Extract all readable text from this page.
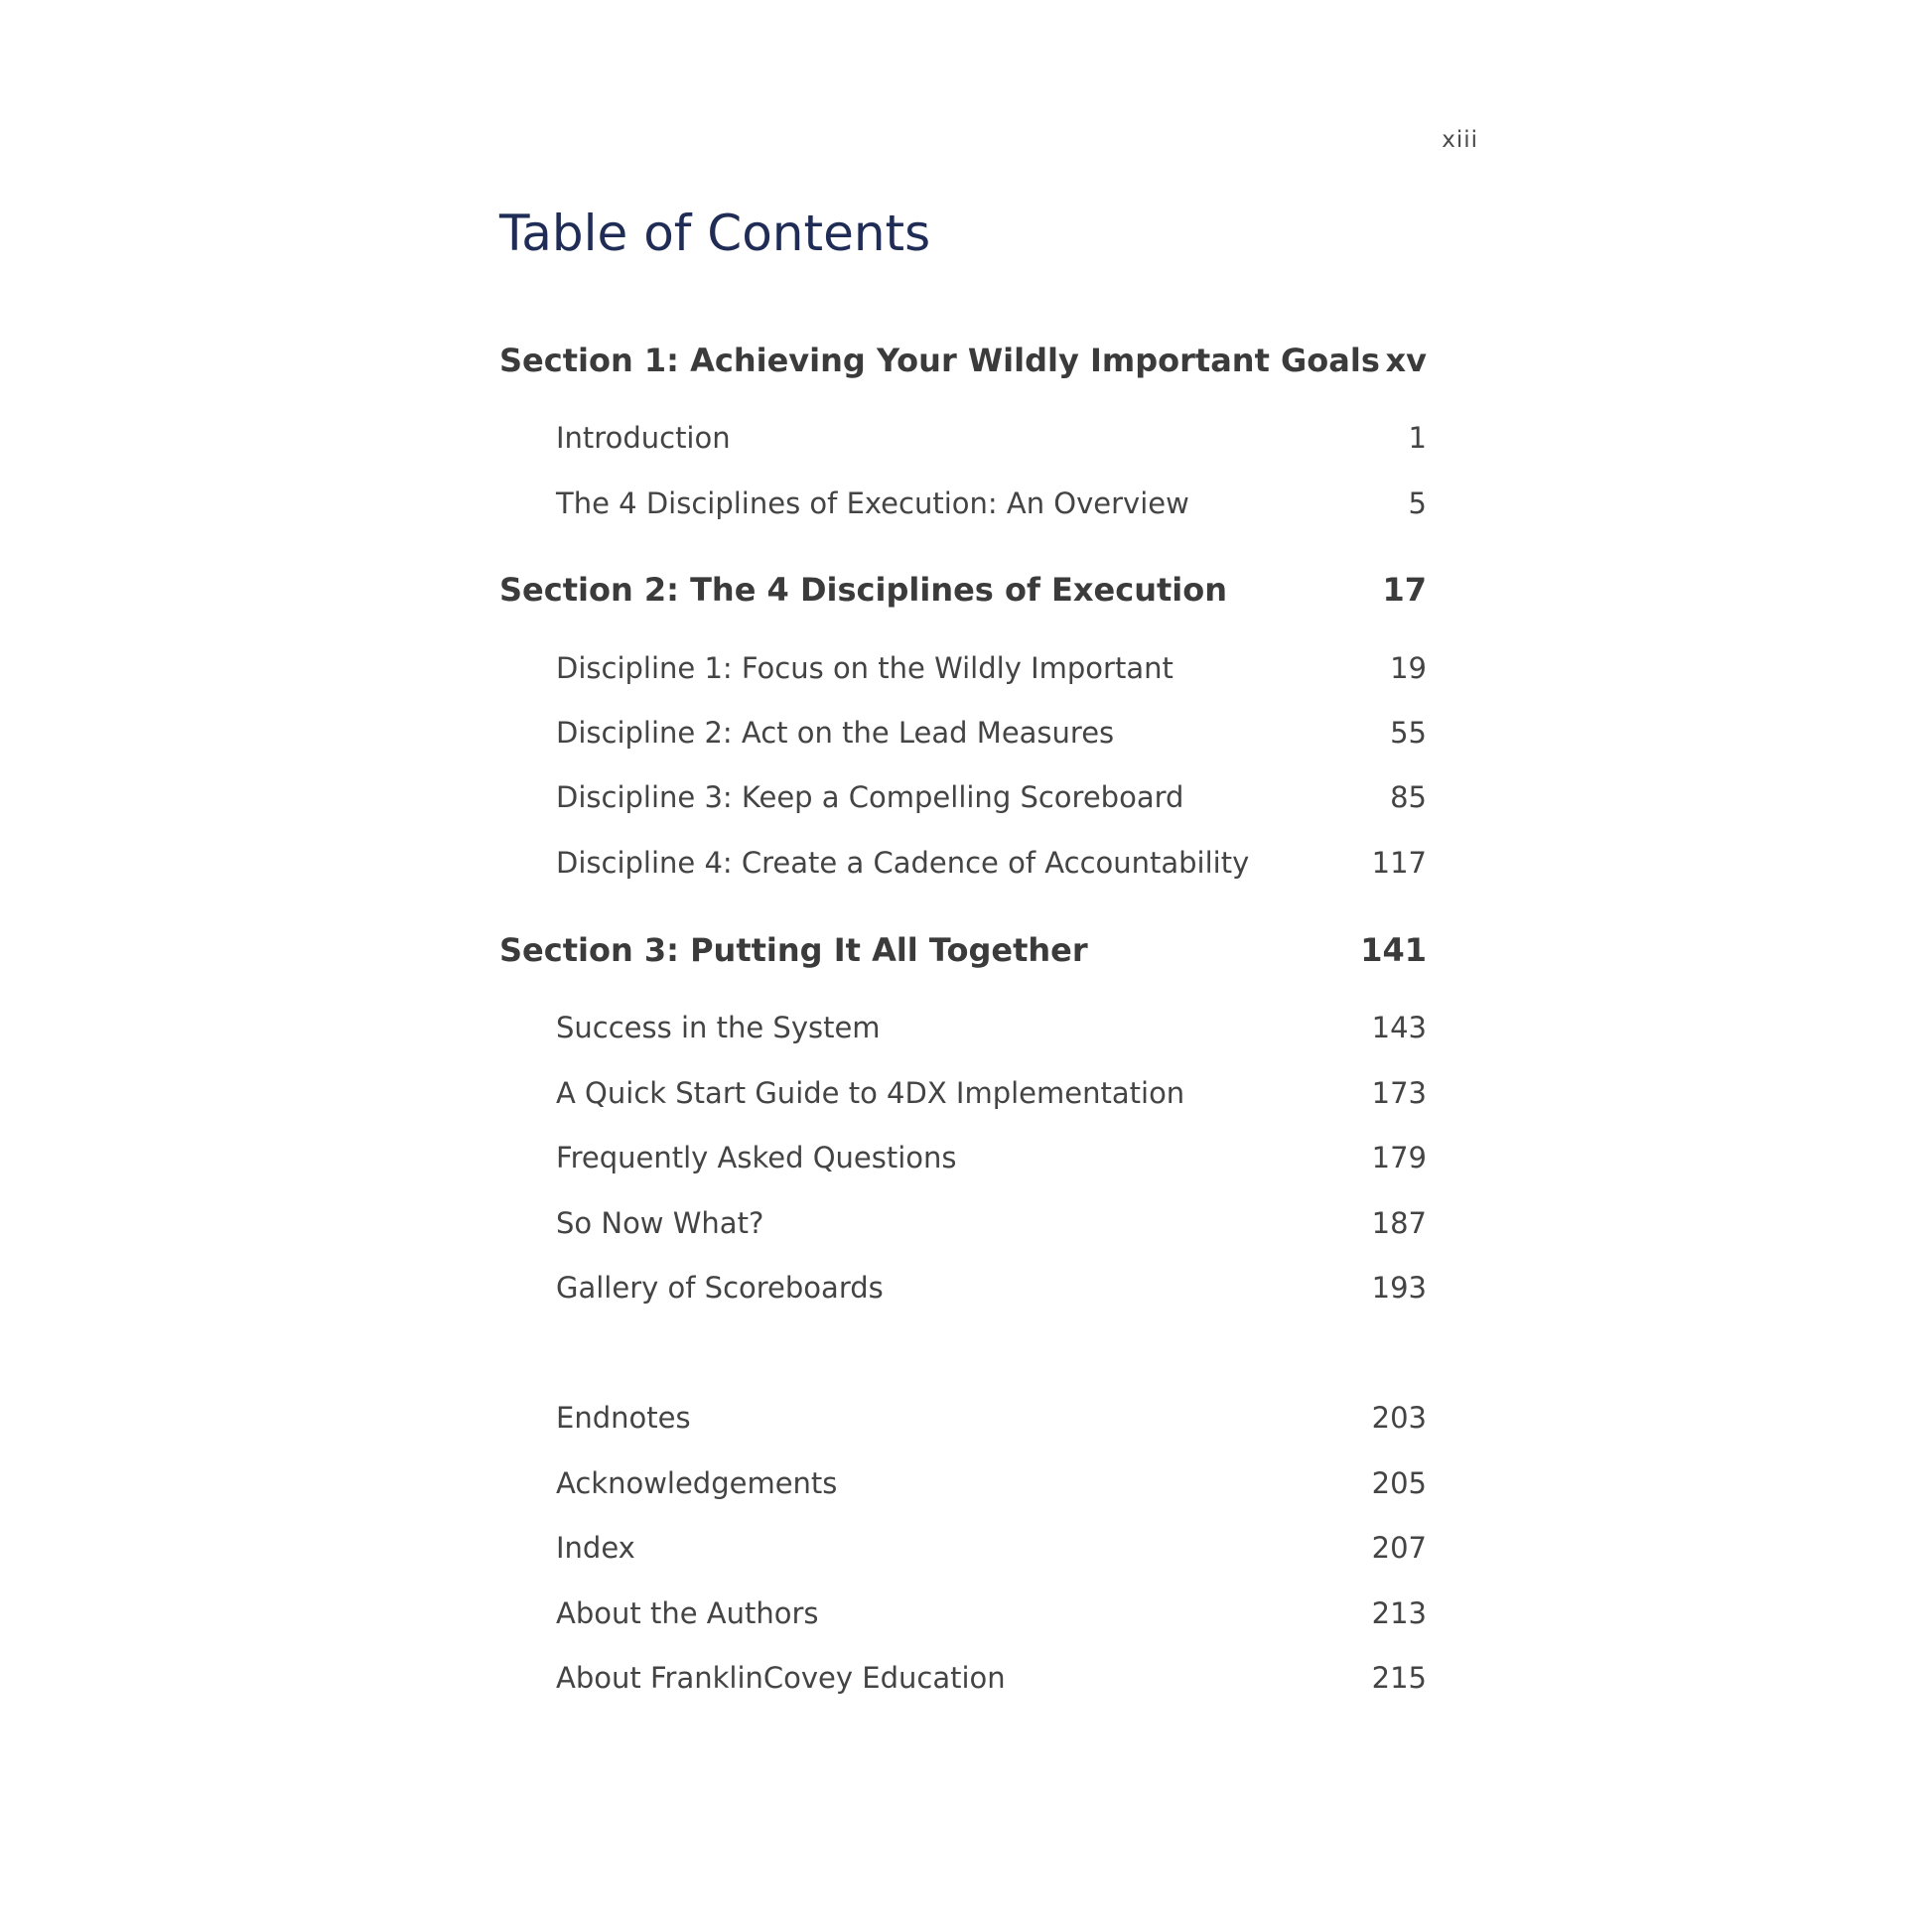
xiii
Table of Contents
Section 1: Achieving Your Wildly Important Goals xv
Introduction	1
The 4 Disciplines of Execution: An Overview	5
Section 2: The 4 Disciplines of Execution	17
Discipline 1: Focus on the Wildly Important	19
Discipline 2: Act on the Lead Measures	55
Discipline 3: Keep a Compelling Scoreboard	85
Discipline 4: Create a Cadence of Accountability	117
Section 3: Putting It All Together	141
Success in the System	143
A Quick Start Guide to 4DX Implementation	173
Frequently Asked Questions	179
So Now What?	187
Gallery of Scoreboards	193
Endnotes	203
Acknowledgements	205
Index	207
About the Authors	213
About FranklinCovey Education	215
